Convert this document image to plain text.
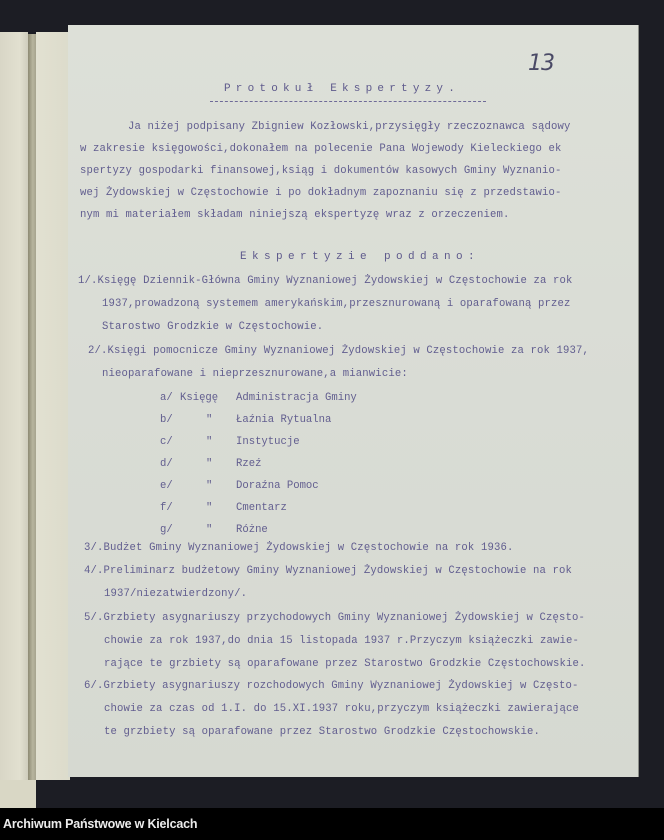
13
Protokuł Ekspertyzy.
Ja niżej podpisany Zbigniew Kozłowski,przysięgły rzeczoznawca sądowy
w zakresie księgowości,dokonałem na polecenie Pana Wojewody Kieleckiego ek
spertyzy gospodarki finansowej,ksiąg i dokumentów kasowych Gminy Wyznanio-
wej Żydowskiej w Częstochowie i po dokładnym zapoznaniu się z przedstawio-
nym mi materiałem składam niniejszą ekspertyzę wraz z orzeczeniem.
Ekspertyzie poddano:
1/.Księgę Dziennik-Główna Gminy Wyznaniowej Żydowskiej w Częstochowie za rok
1937,prowadzoną systemem amerykańskim,przesznurowaną i oparafowaną przez
Starostwo Grodzkie w Częstochowie.
2/.Księgi pomocnicze Gminy Wyznaniowej Żydowskiej w Częstochowie za rok 1937,
nieoparafowane i nieprzesznurowane,a mianwicie:
a/ Księgę Administracja Gminy
b/	" Łaźnia Rytualna
c/	" Instytucje
d/	" Rzeź
e/	" Doraźna Pomoc
f/	" Cmentarz
g/	" Różne
3/.Budżet Gminy Wyznaniowej Żydowskiej w Częstochowie na rok 1936.
4/.Preliminarz budżetowy Gminy Wyznaniowej Żydowskiej w Częstochowie na rok
1937/niezatwierdzony/.
5/.Grzbiety asygnariuszy przychodowych Gminy Wyznaniowej Żydowskiej w Często-
chowie za rok 1937,do dnia 15 listopada 1937 r.Przyczym książeczki zawie-
rające te grzbiety są oparafowane przez Starostwo Grodzkie Częstochowskie.
6/.Grzbiety asygnariuszy rozchodowych Gminy Wyznaniowej Żydowskiej w Często-
chowie za czas od 1.I. do 15.XI.1937 roku,przyczym książeczki zawierające
te grzbiety są oparafowane przez Starostwo Grodzkie Częstochowskie.
Archiwum Państwowe w Kielcach
